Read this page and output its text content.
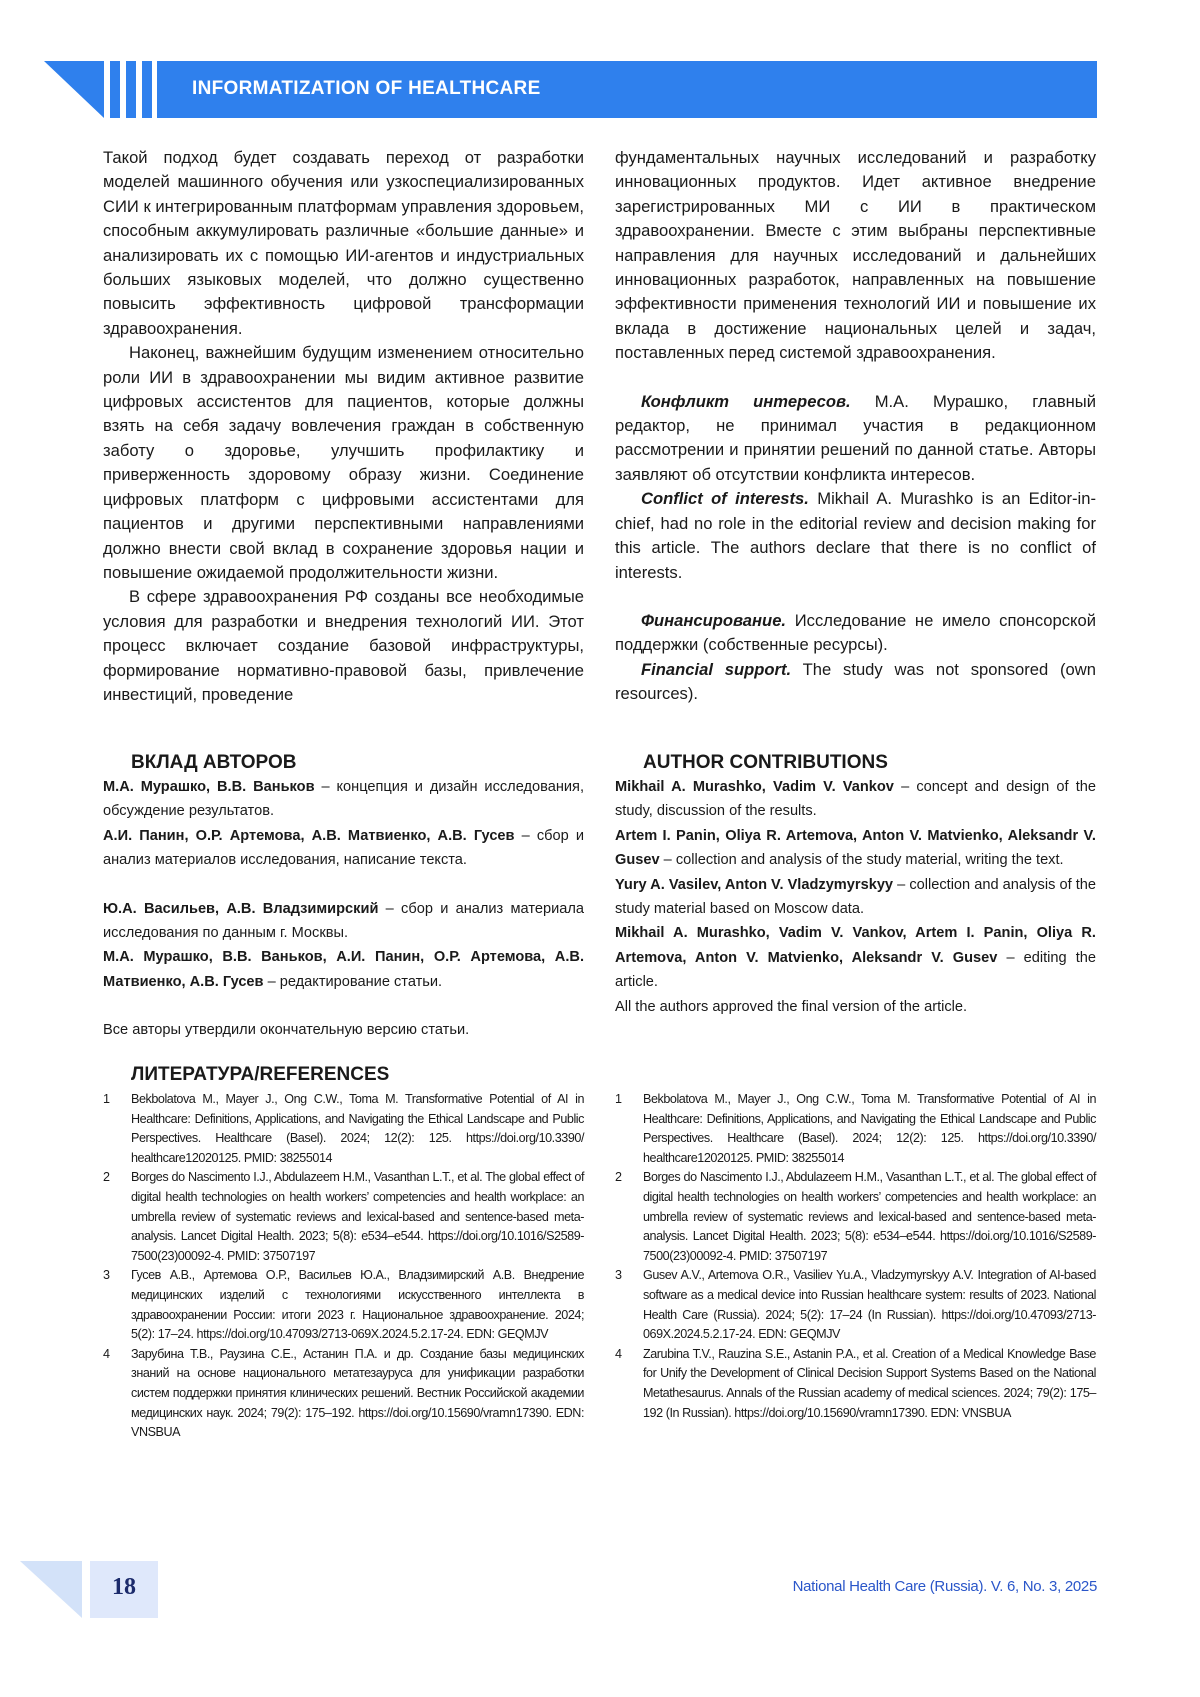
INFORMATIZATION OF HEALTHCARE

Такой подход будет создавать переход от разработки моделей машинного обучения или узкоспециализированных СИИ к интегрированным платформам управления здоровьем, способным аккумулировать различные «большие данные» и анализировать их с помощью ИИ-агентов и индустриальных больших языковых моделей, что должно существенно повысить эффективность цифровой трансформации здравоохранения.

Наконец, важнейшим будущим изменением относительно роли ИИ в здравоохранении мы видим активное развитие цифровых ассистентов для пациентов, которые должны взять на себя задачу вовлечения граждан в собственную заботу о здоровье, улучшить профилактику и приверженность здоровому образу жизни. Соединение цифровых платформ с цифровыми ассистентами для пациентов и другими перспективными направлениями должно внести свой вклад в сохранение здоровья нации и повышение ожидаемой продолжительности жизни.

В сфере здравоохранения РФ созданы все необходимые условия для разработки и внедрения технологий ИИ. Этот процесс включает создание базовой инфраструктуры, формирование нормативно-правовой базы, привлечение инвестиций, проведение

фундаментальных научных исследований и разработку инновационных продуктов. Идет активное внедрение зарегистрированных МИ с ИИ в практическом здравоохранении. Вместе с этим выбраны перспективные направления для научных исследований и дальнейших инновационных разработок, направленных на повышение эффективности применения технологий ИИ и повышение их вклада в достижение национальных целей и задач, поставленных перед системой здравоохранения.

Конфликт интересов. М.А. Мурашко, главный редактор, не принимал участия в редакционном рассмотрении и принятии решений по данной статье. Авторы заявляют об отсутствии конфликта интересов.

Conflict of interests. Mikhail A. Murashko is an Editor-in-chief, had no role in the editorial review and decision making for this article. The authors declare that there is no conflict of interests.

Финансирование. Исследование не имело спонсорской поддержки (собственные ресурсы).

Financial support. The study was not sponsored (own resources).

ВКЛАД АВТОРОВ

М.А. Мурашко, В.В. Ваньков – концепция и дизайн исследования, обсуждение результатов.

А.И. Панин, О.Р. Артемова, А.В. Матвиенко, А.В. Гусев – сбор и анализ материалов исследования, написание текста.

Ю.А. Васильев, А.В. Владзимирский – сбор и анализ материала исследования по данным г. Москвы.

М.А. Мурашко, В.В. Ваньков, А.И. Панин, О.Р. Артемова, А.В. Матвиенко, А.В. Гусев – редактирование статьи.

Все авторы утвердили окончательную версию статьи.

AUTHOR CONTRIBUTIONS

Mikhail A. Murashko, Vadim V. Vankov – concept and design of the study, discussion of the results.

Artem I. Panin, Oliya R. Artemova, Anton V. Matvienko, Aleksandr V. Gusev – collection and analysis of the study material, writing the text.

Yury A. Vasilev, Anton V. Vladzymyrskyy – collection and analysis of the study material based on Moscow data.

Mikhail A. Murashko, Vadim V. Vankov, Artem I. Panin, Oliya R. Artemova, Anton V. Matvienko, Aleksandr V. Gusev – editing the article.

All the authors approved the final version of the article.

ЛИТЕРАТУРА/REFERENCES
1	Bekbolatova M., Mayer J., Ong C.W., Toma M. Transformative Potential of AI in Healthcare: Definitions, Applications, and Navigating the Ethical Landscape and Public Perspectives. Healthcare (Basel). 2024; 12(2): 125. https://doi.org/10.3390/ healthcare12020125. PMID: 38255014
2	Borges do Nascimento I.J., Abdulazeem H.M., Vasanthan L.T., et al. The global effect of digital health technologies on health workers’ competencies and health workplace: an umbrella review of systematic reviews and lexical-based and sentence-based meta-analysis. Lancet Digital Health. 2023; 5(8): e534–e544. https://doi.org/10.1016/S2589-7500(23)00092-4. PMID: 37507197
3	Гусев А.В., Артемова О.Р., Васильев Ю.А., Владзимирский А.В. Внедрение медицинских изделий с технологиями искусственного интеллекта в здравоохранении России: итоги 2023 г. Национальное здравоохранение. 2024; 5(2): 17–24. https://doi.org/10.47093/2713-069X.2024.5.2.17-24. EDN: GEQMJV
4	Зарубина Т.В., Раузина С.Е., Астанин П.А. и др. Создание базы медицинских знаний на основе национального метатезауруса для унификации разработки систем поддержки принятия клинических решений. Вестник Российской академии медицинских наук. 2024; 79(2): 175–192. https://doi.org/10.15690/vramn17390. EDN: VNSBUA
1	Bekbolatova M., Mayer J., Ong C.W., Toma M. Transformative Potential of AI in Healthcare: Definitions, Applications, and Navigating the Ethical Landscape and Public Perspectives. Healthcare (Basel). 2024; 12(2): 125. https://doi.org/10.3390/ healthcare12020125. PMID: 38255014
2	Borges do Nascimento I.J., Abdulazeem H.M., Vasanthan L.T., et al. The global effect of digital health technologies on health workers’ competencies and health workplace: an umbrella review of systematic reviews and lexical-based and sentence-based meta-analysis. Lancet Digital Health. 2023; 5(8): e534–e544. https://doi.org/10.1016/S2589-7500(23)00092-4. PMID: 37507197
3	Gusev A.V., Artemova O.R., Vasiliev Yu.A., Vladzymyrskyy A.V. Integration of AI-based software as a medical device into Russian healthcare system: results of 2023. National Health Care (Russia). 2024; 5(2): 17–24 (In Russian). https://doi.org/10.47093/2713-069X.2024.5.2.17-24. EDN: GEQMJV
4	Zarubina T.V., Rauzina S.E., Astanin P.A., et al. Creation of a Medical Knowledge Base for Unify the Development of Clinical Decision Support Systems Based on the National Metathesaurus. Annals of the Russian academy of medical sciences. 2024; 79(2): 175–192 (In Russian). https://doi.org/10.15690/vramn17390. EDN: VNSBUA
18	National Health Care (Russia). V. 6, No. 3, 2025
